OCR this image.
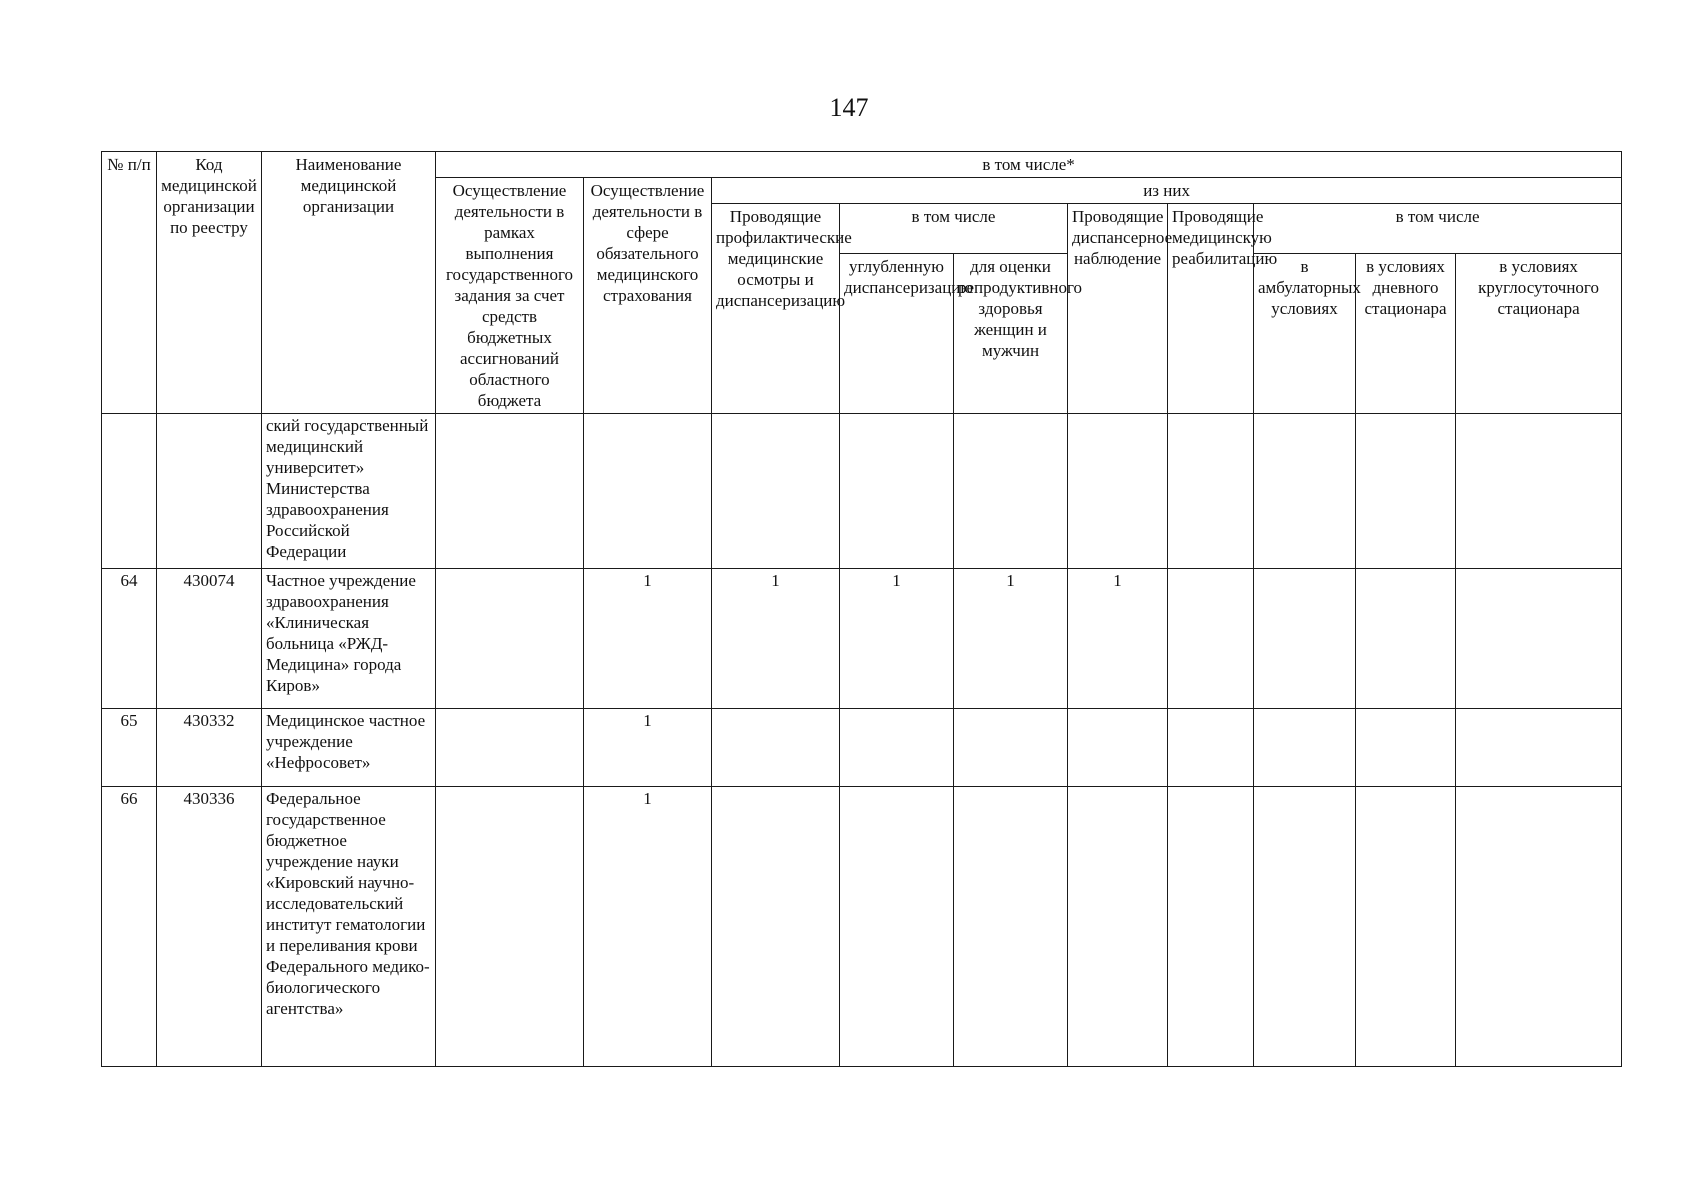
147
№ п/п	Код медицинской организации по реестру	Наименование медицинской организации	в том числе*									
			Осуществление деятельности в рамках выполнения государственного задания за счет средств бюджетных ассигнований областного бюджета	Осуществление деятельности в сфере обязательного медицинского страхования	из них							
					Проводящие профилактические медицинские осмотры и диспансеризацию	в том числе		Проводящие диспансерное наблюдение	Проводящие медицинскую реабилитацию	в том числе		
						углубленную диспансеризацию	для оценки репродуктивного здоровья женщин и мужчин			в амбулаторных условиях	в условиях дневного стационара	в условиях круглосуточного стационара
		ский государственный медицинский университет» Министерства здравоохранения Российской Федерации										
64	430074	Частное учреждение здравоохранения «Клиническая больница «РЖД-Медицина» города Киров»		1	1	1	1	1				
65	430332	Медицинское частное учреждение «Нефросовет»		1								
66	430336	Федеральное государственное бюджетное учреждение науки «Кировский научно-исследовательский институт гематологии и переливания крови Федерального медико-биологического агентства»		1								
